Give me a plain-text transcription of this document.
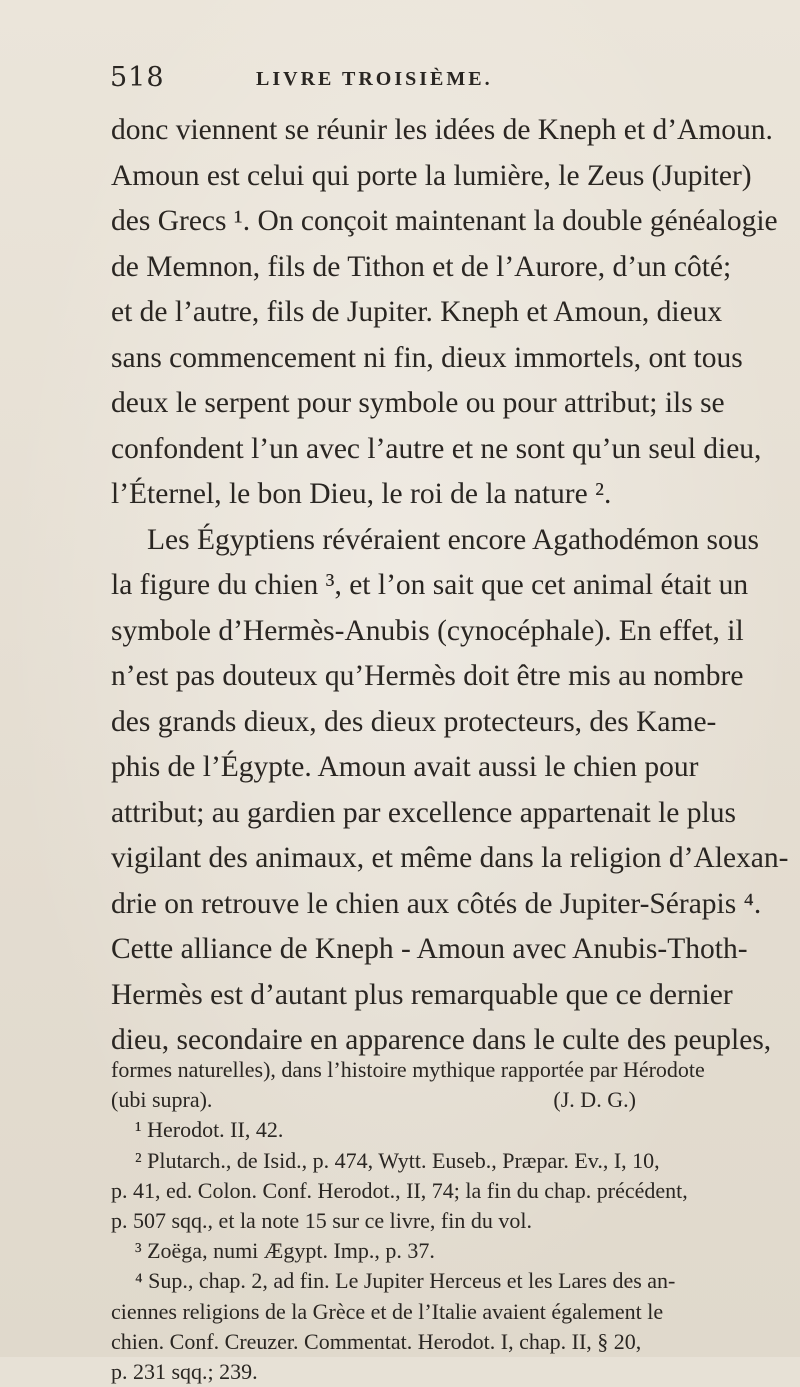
518	LIVRE TROISIÈME.
donc viennent se réunir les idées de Kneph et d’Amoun.
Amoun est celui qui porte la lumière, le Zeus (Jupiter)
des Grecs ¹. On conçoit maintenant la double généalogie
de Memnon, fils de Tithon et de l’Aurore, d’un côté;
et de l’autre, fils de Jupiter. Kneph et Amoun, dieux
sans commencement ni fin, dieux immortels, ont tous
deux le serpent pour symbole ou pour attribut; ils se
confondent l’un avec l’autre et ne sont qu’un seul dieu,
l’Éternel, le bon Dieu, le roi de la nature ².
Les Égyptiens révéraient encore Agathodémon sous
la figure du chien ³, et l’on sait que cet animal était un
symbole d’Hermès-Anubis (cynocéphale). En effet, il
n’est pas douteux qu’Hermès doit être mis au nombre
des grands dieux, des dieux protecteurs, des Kame-
phis de l’Égypte. Amoun avait aussi le chien pour
attribut; au gardien par excellence appartenait le plus
vigilant des animaux, et même dans la religion d’Alexan-
drie on retrouve le chien aux côtés de Jupiter-Sérapis ⁴.
Cette alliance de Kneph - Amoun avec Anubis-Thoth-
Hermès est d’autant plus remarquable que ce dernier
dieu, secondaire en apparence dans le culte des peuples,
formes naturelles), dans l’histoire mythique rapportée par Hérodote
(ubi supra).                                                              (J. D. G.)
¹ Herodot. II, 42.
² Plutarch., de Isid., p. 474, Wytt. Euseb., Præpar. Ev., I, 10,
p. 41, ed. Colon. Conf. Herodot., II, 74; la fin du chap. précédent,
p. 507 sqq., et la note 15 sur ce livre, fin du vol.
³ Zoëga, numi Ægypt. Imp., p. 37.
⁴ Sup., chap. 2, ad fin. Le Jupiter Herceus et les Lares des an-
ciennes religions de la Grèce et de l’Italie avaient également le
chien. Conf. Creuzer. Commentat. Herodot. I, chap. II, § 20,
p. 231 sqq.; 239.
